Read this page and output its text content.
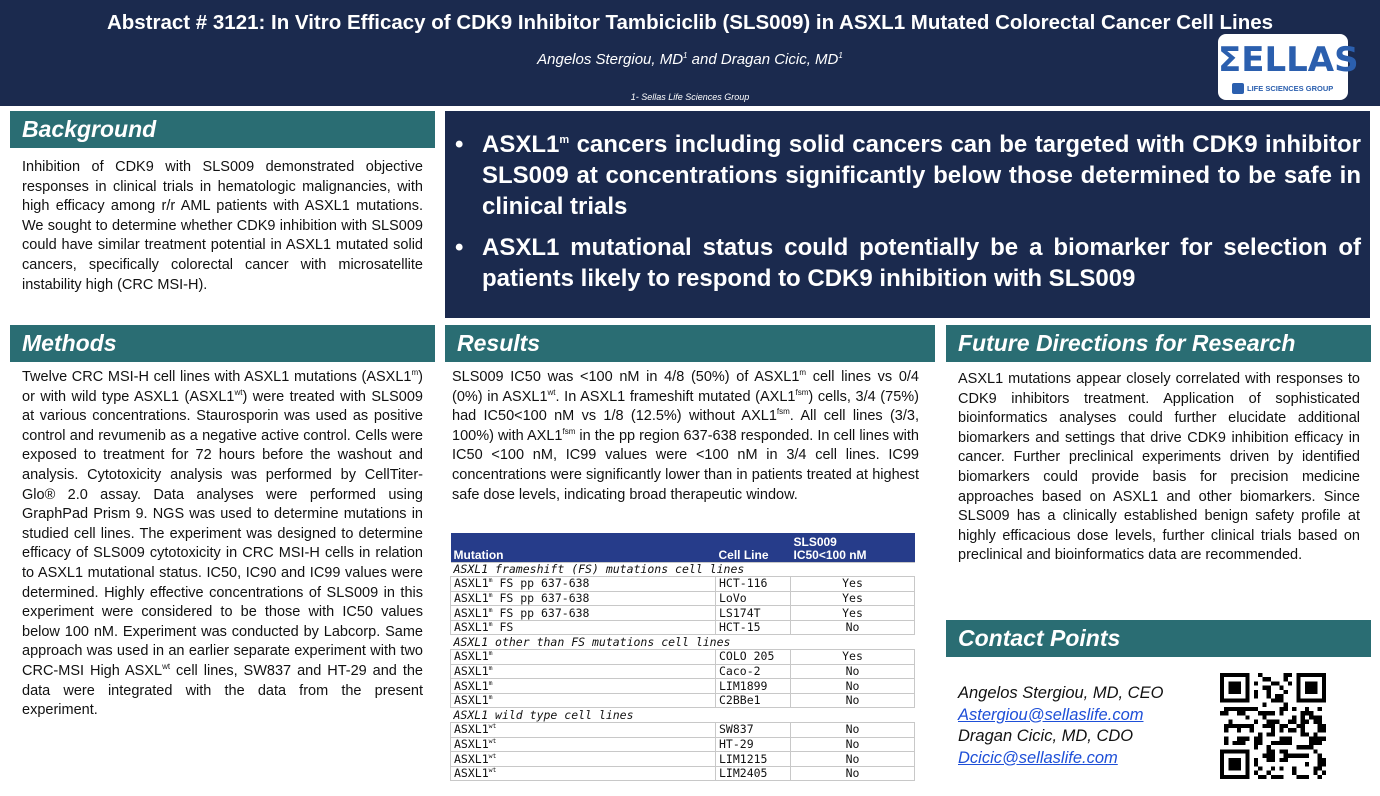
Abstract # 3121: In Vitro Efficacy of CDK9 Inhibitor Tambiciclib (SLS009) in ASXL1 Mutated Colorectal Cancer Cell Lines
Angelos Stergiou, $MD^1$ and Dragan Cicic, $MD^1$
1- Sellas Life Sciences Group
ΣELLAS
LIFE SCIENCES GROUP
Background
Inhibition of CDK9 with SLS009 demonstrated objective responses in clinical trials in hematologic malignancies, with high efficacy among r/r AML patients with ASXL1 mutations. We sought to determine whether CDK9 inhibition with SLS009 could have similar treatment potential in ASXL1 mutated solid cancers, specifically colorectal cancer with microsatellite instability high (CRC MSI-H).
• ASXL1$^m$ cancers including solid cancers can be targeted with CDK9 inhibitor SLS009 at concentrations significantly below those determined to be safe in clinical trials
• ASXL1 mutational status could potentially be a biomarker for selection of patients likely to respond to CDK9 inhibition with SLS009
Methods
Twelve CRC MSI-H cell lines with ASXL1 mutations (ASXL1$^m$) or with wild type ASXL1 $(ASXL1^{wt})$ were treated with SLS009 at various concentrations. Staurosporin was used as positive control and revumenib as a negative active control. Cells were exposed to treatment for 72 hours before the washout and analysis. Cytotoxicity analysis was performed by CellTiter-Glo® 2.0 assay. Data analyses were performed using GraphPad Prism 9. NGS was used to determine mutations in studied cell lines. The experiment was designed to determine efficacy of SLS009 cytotoxicity in CRC MSI-H cells in relation to ASXL1 mutational status. IC50, IC90 and IC99 values were determined. Highly effective concentrations of SLS009 in this experiment were considered to be those with IC50 values below 100 nM. Experiment was conducted by Labcorp. Same approach was used in an earlier separate experiment with two CRC-MSI High $ASXL^{wt}$ cell lines, SW837 and HT-29 and the data were integrated with the data from the present experiment.
Results
SLS009 IC50 was <100 nM in 4/8 (50%) of ASXL1$^m$ cell lines vs 0/4 (0%) in $ASXL1^{wt}$. In ASXL1 frameshift mutated $(AXL1^{fsm})$ cells, 3/4 (75%) had IC50<100 nM vs 1/8 (12.5%) without $AXL1^{fsm}$. All cell lines (3/3, 100%) with $AXL1^{fsm}$ in the pp region 637-638 responded. In cell lines with IC50 <100 nM, IC99 values were <100 nM in 3/4 cell lines. IC99 concentrations were significantly lower than in patients treated at highest safe dose levels, indicating broad therapeutic window.
Mutation	Cell Line	SLS009
IC50<100 nM
ASXL1 frameshift (FS) mutations cell lines		
ASXL1$^m$ FS pp 637-638	HCT-116	Yes
ASXL1$^m$ FS pp 637-638	LoVo	Yes
ASXL1$^m$ FS pp 637-638	LS174T	Yes
ASXL1$^m$ FS	HCT-15	No
ASXL1 other than FS mutations cell lines		
ASXL1$^m$	COLO 205	Yes
ASXL1$^m$	Caco-2	No
ASXL1$^m$	LIM1899	No
ASXL1$^m$	C2BBe1	No
ASXL1 wild type cell lines		
$ASXL1^{wt}$	SW837	No
$ASXL1^{wt}$	HT-29	No
$ASXL1^{wt}$	LIM1215	No
$ASXL1^{wt}$	LIM2405	No
Future Directions for Research
ASXL1 mutations appear closely correlated with responses to CDK9 inhibitors treatment. Application of sophisticated bioinformatics analyses could further elucidate additional biomarkers and settings that drive CDK9 inhibition efficacy in cancer. Further preclinical experiments driven by identified biomarkers could provide basis for precision medicine approaches based on ASXL1 and other biomarkers. Since SLS009 has a clinically established benign safety profile at highly efficacious dose levels, further clinical trials based on preclinical and bioinformatics data are recommended.
Contact Points
Angelos Stergiou, MD, CEO
Astergiou@sellaslife.com
Dragan Cicic, MD, CDO
Dcicic@sellaslife.com
